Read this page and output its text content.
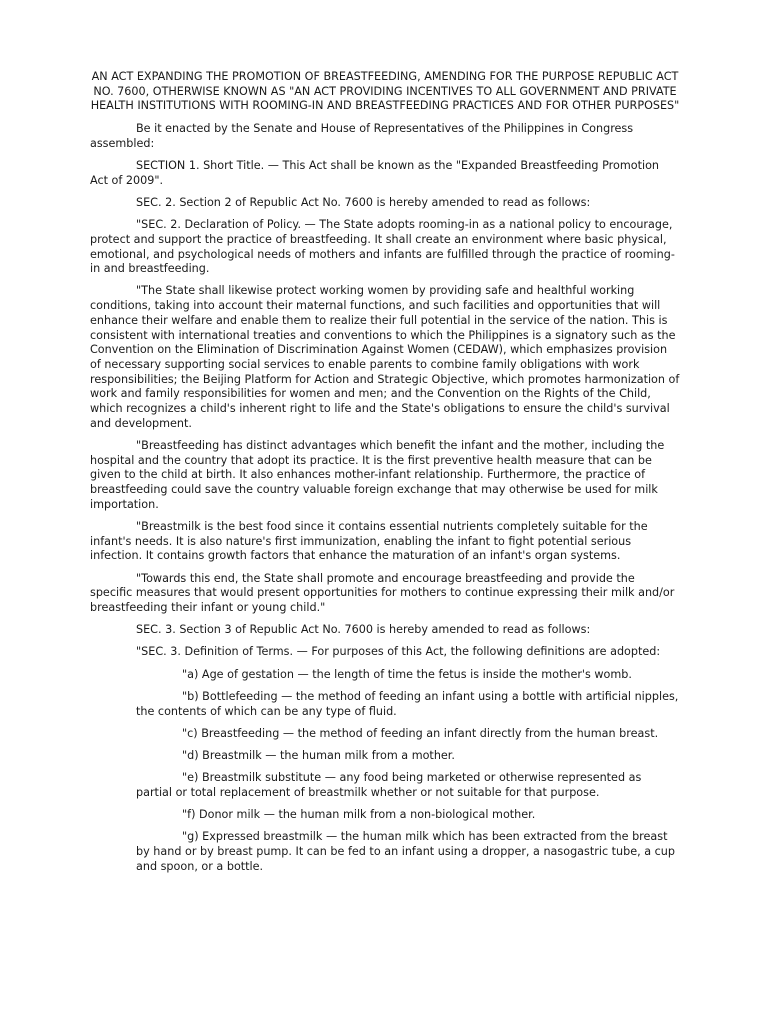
AN ACT EXPANDING THE PROMOTION OF BREASTFEEDING, AMENDING FOR THE PURPOSE REPUBLIC ACT NO. 7600, OTHERWISE KNOWN AS "AN ACT PROVIDING INCENTIVES TO ALL GOVERNMENT AND PRIVATE HEALTH INSTITUTIONS WITH ROOMING-IN AND BREASTFEEDING PRACTICES AND FOR OTHER PURPOSES"

Be it enacted by the Senate and House of Representatives of the Philippines in Congress assembled:

SECTION 1. Short Title. — This Act shall be known as the "Expanded Breastfeeding Promotion Act of 2009".

SEC. 2. Section 2 of Republic Act No. 7600 is hereby amended to read as follows:

"SEC. 2. Declaration of Policy. — The State adopts rooming-in as a national policy to encourage, protect and support the practice of breastfeeding. It shall create an environment where basic physical, emotional, and psychological needs of mothers and infants are fulfilled through the practice of rooming-in and breastfeeding.

"The State shall likewise protect working women by providing safe and healthful working conditions, taking into account their maternal functions, and such facilities and opportunities that will enhance their welfare and enable them to realize their full potential in the service of the nation. This is consistent with international treaties and conventions to which the Philippines is a signatory such as the Convention on the Elimination of Discrimination Against Women (CEDAW), which emphasizes provision of necessary supporting social services to enable parents to combine family obligations with work responsibilities; the Beijing Platform for Action and Strategic Objective, which promotes harmonization of work and family responsibilities for women and men; and the Convention on the Rights of the Child, which recognizes a child's inherent right to life and the State's obligations to ensure the child's survival and development.

"Breastfeeding has distinct advantages which benefit the infant and the mother, including the hospital and the country that adopt its practice. It is the first preventive health measure that can be given to the child at birth. It also enhances mother-infant relationship. Furthermore, the practice of breastfeeding could save the country valuable foreign exchange that may otherwise be used for milk importation.

"Breastmilk is the best food since it contains essential nutrients completely suitable for the infant's needs. It is also nature's first immunization, enabling the infant to fight potential serious infection. It contains growth factors that enhance the maturation of an infant's organ systems.

"Towards this end, the State shall promote and encourage breastfeeding and provide the specific measures that would present opportunities for mothers to continue expressing their milk and/or breastfeeding their infant or young child."

SEC. 3. Section 3 of Republic Act No. 7600 is hereby amended to read as follows:

"SEC. 3. Definition of Terms. — For purposes of this Act, the following definitions are adopted:

"a) Age of gestation — the length of time the fetus is inside the mother's womb.

"b) Bottlefeeding — the method of feeding an infant using a bottle with artificial nipples, the contents of which can be any type of fluid.

"c) Breastfeeding — the method of feeding an infant directly from the human breast.

"d) Breastmilk — the human milk from a mother.

"e) Breastmilk substitute — any food being marketed or otherwise represented as partial or total replacement of breastmilk whether or not suitable for that purpose.

"f) Donor milk — the human milk from a non-biological mother.

"g) Expressed breastmilk — the human milk which has been extracted from the breast by hand or by breast pump. It can be fed to an infant using a dropper, a nasogastric tube, a cup and spoon, or a bottle.
